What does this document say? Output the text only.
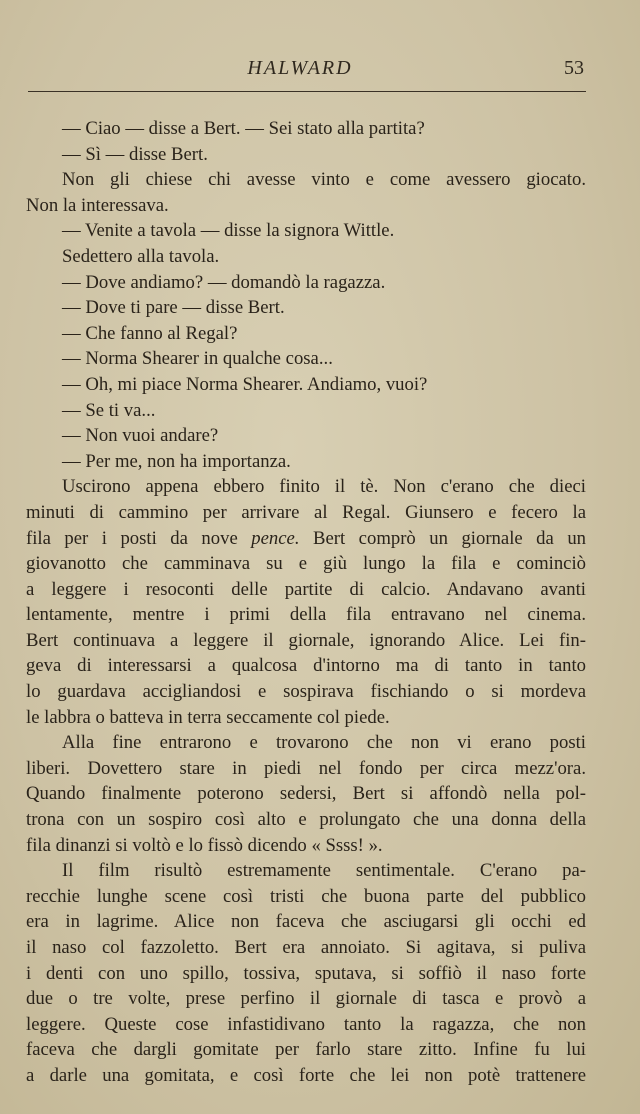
HALWARD	53
— Ciao — disse a Bert. — Sei stato alla partita?
— Sì — disse Bert.
Non gli chiese chi avesse vinto e come avessero giocato.
Non la interessava.
— Venite a tavola — disse la signora Wittle.
Sedettero alla tavola.
— Dove andiamo? — domandò la ragazza.
— Dove ti pare — disse Bert.
— Che fanno al Regal?
— Norma Shearer in qualche cosa...
— Oh, mi piace Norma Shearer. Andiamo, vuoi?
— Se ti va...
— Non vuoi andare?
— Per me, non ha importanza.
Uscirono appena ebbero finito il tè. Non c'erano che dieci
minuti di cammino per arrivare al Regal. Giunsero e fecero la
fila per i posti da nove pence. Bert comprò un giornale da un
giovanotto che camminava su e giù lungo la fila e cominciò
a leggere i resoconti delle partite di calcio. Andavano avanti
lentamente, mentre i primi della fila entravano nel cinema.
Bert continuava a leggere il giornale, ignorando Alice. Lei fin-
geva di interessarsi a qualcosa d'intorno ma di tanto in tanto
lo guardava accigliandosi e sospirava fischiando o si mordeva
le labbra o batteva in terra seccamente col piede.
Alla fine entrarono e trovarono che non vi erano posti
liberi. Dovettero stare in piedi nel fondo per circa mezz'ora.
Quando finalmente poterono sedersi, Bert si affondò nella pol-
trona con un sospiro così alto e prolungato che una donna della
fila dinanzi si voltò e lo fissò dicendo « Ssss! ».
Il film risultò estremamente sentimentale. C'erano pa-
recchie lunghe scene così tristi che buona parte del pubblico
era in lagrime. Alice non faceva che asciugarsi gli occhi ed
il naso col fazzoletto. Bert era annoiato. Si agitava, si puliva
i denti con uno spillo, tossiva, sputava, si soffiò il naso forte
due o tre volte, prese perfino il giornale di tasca e provò a
leggere. Queste cose infastidivano tanto la ragazza, che non
faceva che dargli gomitate per farlo stare zitto. Infine fu lui
a darle una gomitata, e così forte che lei non potè trattenere
